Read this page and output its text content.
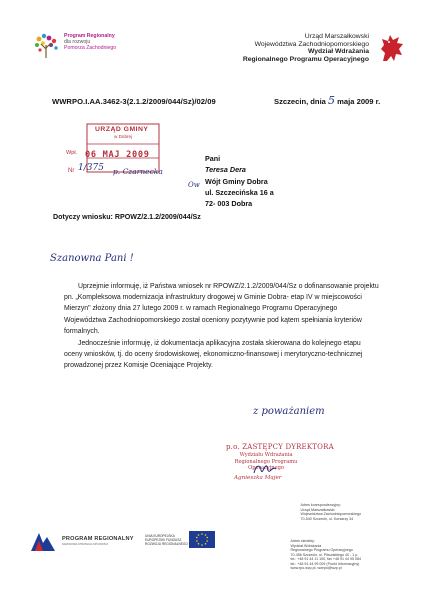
Program Regionalny
dla rozwoju
Pomorza Zachodniego
Urząd Marszałkowski
Województwa Zachodniopomorskiego
Wydział Wdrażania
Regionalnego Programu Operacyjnego
WWRPO.I.AA.3462-3(2.1.2/2009/044/Sz)/02/09	Szczecin, dnia 5 maja 2009 r.
URZĄD GMINY
w Dobrej
Wpł. 06 MAJ 2009
Nr 1/375 p. Czarnecka
Ow
Pani
Teresa Dera
Wójt Gminy Dobra
ul. Szczecińska 16 a
72- 003 Dobra
Dotyczy wniosku: RPOWZ/2.1.2/2009/044/Sz
Szanowna Pani !

Uprzejmie informuję, iż Państwa wniosek nr RPOWZ/2.1.2/2009/044/Sz o dofinansowanie projektu pn. „Kompleksowa modernizacja infrastruktury drogowej w Gminie Dobra- etap IV w miejscowości Mierzyn" złożony dnia 27 lutego 2009 r. w ramach Regionalnego Programu Operacyjnego Województwa Zachodniopomorskiego został oceniony pozytywnie pod kątem spełniania kryteriów formalnych.

Jednocześnie informuję, iż dokumentacja aplikacyjna została skierowana do kolejnego etapu oceny wniosków, tj. do oceny środowiskowej, ekonomiczno-finansowej i merytoryczno-technicznej prowadzonej przez Komisje Oceniające Projekty.

z poważaniem
p.o. ZASTĘPCY DYREKTORA
Wydziału Wdrażania
Regionalnego Programu Operacyjnego
Agnieszka Majer
Adres korespondencyjny:
Urząd Marszałkowski
Województwa Zachodniopomorskiego
70-540 Szczecin, ul. Korsarzy 34
Adres siedziby:
Wydział Wdrażania
Regionalnego Programu Operacyjnego
70-456 Szczecin, ul. Piłsudskiego 40 - 1 p.
tel.: +48 91 44 11 100, fax +48 91 44 95 084
tel.: +48 91 44 99 009 (Punkt Informacyjny)
www.rpo.wzp.pl, wwrpo@wzp.pl
PROGRAM REGIONALNY
NARODOWA STRATEGIA SPÓJNOŚCI
UNIA EUROPEJSKA
EUROPEJSKI FUNDUSZ
ROZWOJU REGIONALNEGO
